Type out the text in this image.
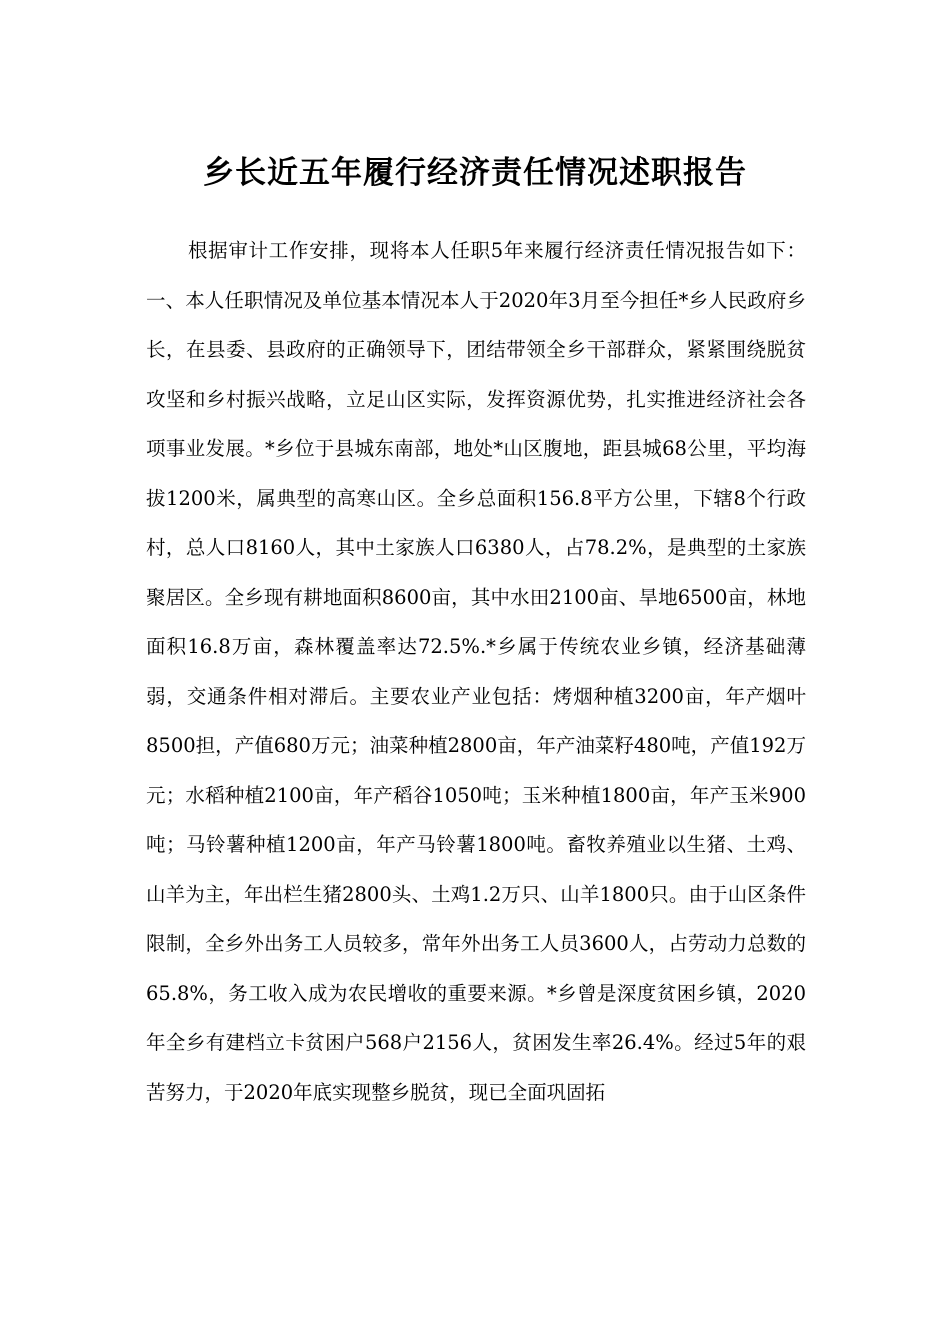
乡长近五年履行经济责任情况述职报告

根据审计工作安排，现将本人任职5年来履行经济责任情况报告如下：一、本人任职情况及单位基本情况本人于2020年3月至今担任*乡人民政府乡长，在县委、县政府的正确领导下，团结带领全乡干部群众，紧紧围绕脱贫攻坚和乡村振兴战略，立足山区实际，发挥资源优势，扎实推进经济社会各项事业发展。*乡位于县城东南部，地处*山区腹地，距县城68公里，平均海拔1200米，属典型的高寒山区。全乡总面积156.8平方公里，下辖8个行政村，总人口8160人，其中土家族人口6380人，占78.2%，是典型的土家族聚居区。全乡现有耕地面积8600亩，其中水田2100亩、旱地6500亩，林地面积16.8万亩，森林覆盖率达72.5%.*乡属于传统农业乡镇，经济基础薄弱，交通条件相对滞后。主要农业产业包括：烤烟种植3200亩，年产烟叶8500担，产值680万元；油菜种植2800亩，年产油菜籽480吨，产值192万元；水稻种植2100亩，年产稻谷1050吨；玉米种植1800亩，年产玉米900吨；马铃薯种植1200亩，年产马铃薯1800吨。畜牧养殖业以生猪、土鸡、山羊为主，年出栏生猪2800头、土鸡1.2万只、山羊1800只。由于山区条件限制，全乡外出务工人员较多，常年外出务工人员3600人，占劳动力总数的65.8%，务工收入成为农民增收的重要来源。*乡曾是深度贫困乡镇，2020年全乡有建档立卡贫困户568户2156人，贫困发生率26.4%。经过5年的艰苦努力，于2020年底实现整乡脱贫，现已全面巩固拓
